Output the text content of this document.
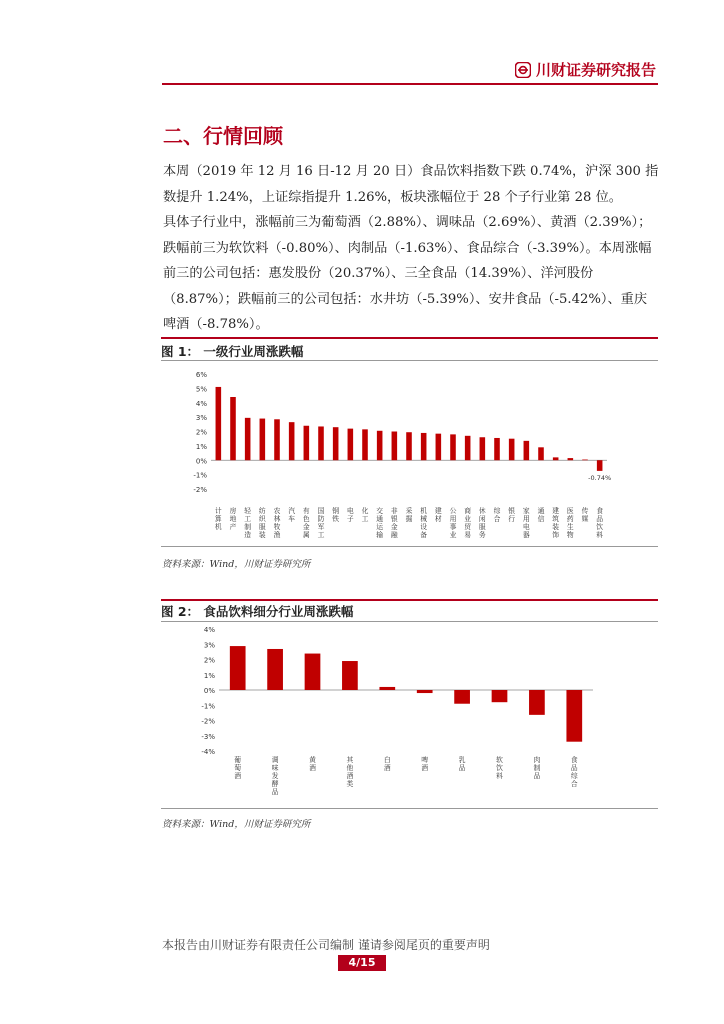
川财证券研究报告
二、行情回顾

本周（2019 年 12 月 16 日-12 月 20 日）食品饮料指数下跌 0.74%，沪深 300 指数提升 1.24%，上证综指提升 1.26%，板块涨幅位于 28 个子行业第 28 位。

具体子行业中，涨幅前三为葡萄酒（2.88%）、调味品（2.69%）、黄酒（2.39%）；跌幅前三为软饮料（-0.80%）、肉制品（-1.63%）、食品综合（-3.39%）。本周涨幅前三的公司包括：惠发股份（20.37%）、三全食品（14.39%）、洋河股份（8.87%）；跌幅前三的公司包括：水井坊（-5.39%）、安井食品（-5.42%）、重庆啤酒（-8.78%）。

图 1： 一级行业周涨跌幅
-2%
-1%
0%
1%
2%
3%
4%
5%
6%
计算机
房地产
轻工制造
纺织服装
农林牧渔
汽车
有色金属
国防军工
钢铁
电子
化工
交通运输
非银金融
采掘
机械设备
建材
公用事业
商业贸易
休闲服务
综合
银行
家用电器
通信
建筑装饰
医药生物
传媒
食品饮料
-0.74%
资料来源：Wind，川财证券研究所
图 2： 食品饮料细分行业周涨跌幅
-4%
-3%
-2%
-1%
0%
1%
2%
3%
4%
葡萄酒
调味发酵品
黄酒
其他酒类
白酒
啤酒
乳品
软饮料
肉制品
食品综合
资料来源：Wind，川财证券研究所
本报告由川财证券有限责任公司编制 谨请参阅尾页的重要声明
4/15
